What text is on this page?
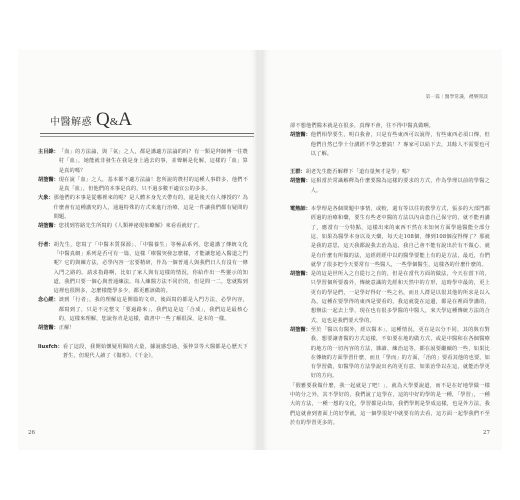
中醫解惑 Q & A
主目錄： 「血」的方法論，與「氣」之人，都是講適方法論的吗？有一類是拜師傅一往農村「血」，她能就非發生在我是身上過去的事，並聲稱是化解，這樣的「血」算是真的嗎？
胡塗醫： 現在說「血」之人，基本都不適方法論！您所說的農村的這種人事群多，他們不是真「血」，但他們的本事是真的，只不過多數不適宜公的多多。
大象： 那他們的本事是從哪裡來的呢？是人體本身先天帶有的，還是後天有人傳授的？為什麼會有這種講究的人，通過特殊的方式來進行治療，這是一件讓我們都有疑問的問題。
胡塗醫： 您找到答路先生所寫的《人類神祕現象瞭解》來看看就好了。
行者： 胡先生，您寫了「中醫本質探源」、「中醫養生」等極品系列，您還講了傳統文化「中醫真網」系列是否可有一篇，這樣「療醫突發怎麼樣，才能讓您通入醫道之門呢？它的與練方法，必學內容一宏要精研，作為一個普通人與我們日人有沒有一條入門之路的。請求指路啊，比如了家人與有這樣的情況，你給作出一些靈示的知道，我們只要一個心與普通練法。每人練醫方法不同於的，但是問一二，您就點到這裡也很開多，怎麼樣能學多少，都更應該做的。
念心經： 談到「行者」，我的理解這是開篇的文章，後面寫的都是入門方法，必學內容，都寫到了，只是不完整文「要過路來」，我們這是這「合成」，我們這是最核心的，這樣來理解，您說你肯是這樣，做書中一些了解很深，是本的一樣。
胡塗醫： 正解！
liuxfch： 看了這段，我開始懷疑用閱的大量，據說感恐過，張仲景等大醫都是心歷天下蒼生，但現代人讀了《傷寒》、《千金》，
26
第一篇｜醫學常識，禮樂閒談
卻不想他們醫本就是在很多，真傳不會，往不得中醫真做啊。
胡塗醫： 他們相學要生，明白我會，只是有些東西可以說得，有些東西必須口傳，但他們自然已學十分講經不學怎麼搞！？專家可以給下去，其餘人不需要也可以了解。
王群： 胡老先生能否解釋下「道有量無才是學」嗎？
胡塗醫： 這相當於常識解釋為什麼要醫為這樣的要求的方式，作為學理以前的學醫之人。
電熱師： 本學理是各個問題中事情，或較，還有等以往的教學方式，張多的大部門都經過的治療和藥，要生有些老中醫的方法以內由患自己保守的，就不能再講了，應當有一分特點，這樣出來的東西不然在未知何方面學過醫能全部分這，如果為醫學本身以及天藥，每天走108個，傳到108個沒得傳了？那就是我的意思，這天我都說我去治為這，我自己會不能有說出於有不做心，就是有什麼有所做的法，這經經經中以的醫學要能上有的是方法，最近，有們就學了很多把今天要常有一些醫人，一些學個醫生，這樣各的什麼什麼的。
胡塗醫： 是的這是世所入之自從行之自的，但是在當代方面的做法，今天在當下的，只學習個所要養外，傳統意識的先經和天然中的方形，這時學中最的，更上更有的學是們，一是學好得好一些之名，而且人群是以很其他的所求是以入為，這種在要學得的東西是要看的，我這就從在這邊，都是在裡面學講的，想辦法一起去上學，現在也有很多學醫的中醫人，來天學這種傳統方法的合式，這也是我們要大學的。
胡塗醫： 至於「醫以有醫外，經以醫本」，這種情況，更在是以分不同，其的與有對我，想要讓書醫的方式這樣，不如要在地的做方式，或是中醫和在各個醫療的地方的一切內容的方法，雜讀、練治這等，都在說要繼續的一些，如果比在傳統的方面學習什麼，而且「學而」的方面，「治的」要看其他的也要，如有學習做，如醫學的方法學說出名的更有意，如果治學以在這，就能治學更好的方向。
「假雅要我做什麼，我一起就是了吧！」，就為大學要說道，而不是在好地學做一樣中的分之外，其不學好的，我們說了這學在，這的中好的學的是一種，「學習」，一種大的方法，一種一想的文化，學習都是由知，我們學則是學成這樣，也是外方法，我們這就會到書面上的好學就，這一個學很好中就要有的去看，這方面一起學我們不至於有的學習更多的。
27
